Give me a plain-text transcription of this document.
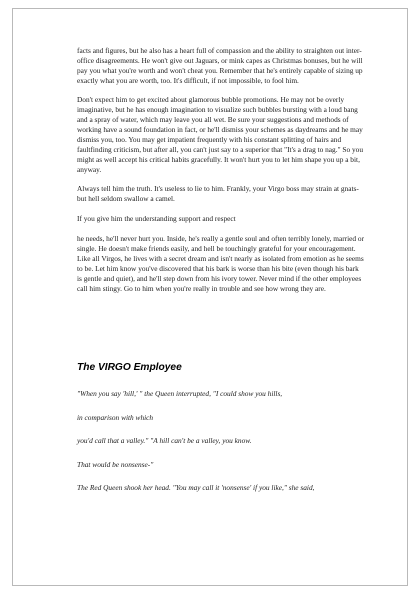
facts and figures, but he also has a heart full of compassion and the ability to straighten out inter-office disagreements. He won't give out Jaguars, or mink capes as Christmas bonuses, but he will pay you what you're worth and won't cheat you. Remember that he's entirely capable of sizing up exactly what you are worth, too. It's difficult, if not impossible, to fool him.

Don't expect him to get excited about glamorous bubble promotions. He may not be overly imaginative, but he has enough imagination to visualize such bubbles bursting with a loud bang and a spray of water, which may leave you all wet. Be sure your suggestions and methods of working have a sound foundation in fact, or he'll dismiss your schemes as daydreams and he may dismiss you, too. You may get impatient frequently with his constant splitting of hairs and faultfinding criticism, but after all, you can't just say to a superior that "It's a drag to nag." So you might as well accept his critical habits gracefully. It won't hurt you to let him shape you up a bit, anyway.

Always tell him the truth. It's useless to lie to him. Frankly, your Virgo boss may strain at gnats-but hell seldom swallow a camel.

If you give him the understanding support and respect

he needs, he'll never hurt you. Inside, he's really a gentle soul and often terribly lonely, married or single. He doesn't make friends easily, and hell be touchingly grateful for your encouragement. Like all Virgos, he lives with a secret dream and isn't nearly as isolated from emotion as he seems to be. Let him know you've discovered that his bark is worse than his bite (even though his bark is gentle and quiet), and he'll step down from his ivory tower. Never mind if the other employees call him stingy. Go to him when you're really in trouble and see how wrong they are.

The VIRGO Employee

"When you say 'hill,' " the Queen interrupted, "I could show you hills,

in comparison with which

you'd call that a valley." "A hill can't be a valley, you know.

That would be nonsense-"

The Red Queen shook her head. "You may call it 'nonsense' if you like," she said,
